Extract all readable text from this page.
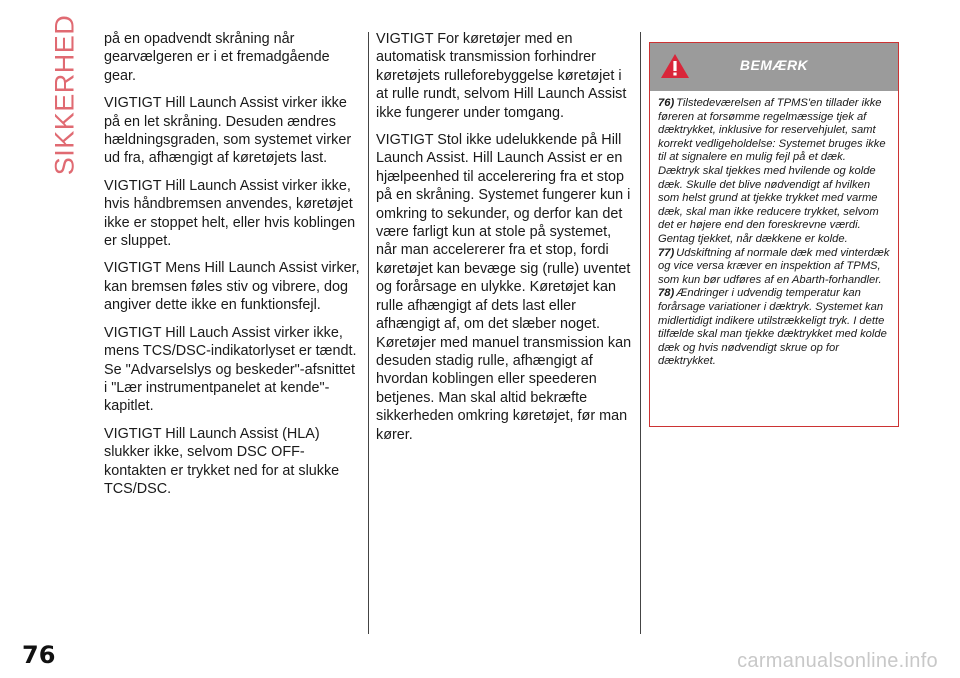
SIKKERHED på en opadvendt skråning når gearvælgeren er i et fremadgående gear.

VIGTIGT Hill Launch Assist virker ikke på en let skråning. Desuden ændres hældningsgraden, som systemet virker ud fra, afhængigt af køretøjets last.

VIGTIGT Hill Launch Assist virker ikke, hvis håndbremsen anvendes, køretøjet ikke er stoppet helt, eller hvis koblingen er sluppet.

VIGTIGT Mens Hill Launch Assist virker, kan bremsen føles stiv og vibrere, dog angiver dette ikke en funktionsfejl.

VIGTIGT Hill Lauch Assist virker ikke, mens TCS/DSC-indikatorlyset er tændt. Se "Advarselslys og beskeder"-afsnittet i "Lær instrumentpanelet at kende"-kapitlet.

VIGTIGT Hill Launch Assist (HLA) slukker ikke, selvom DSC OFF-kontakten er trykket ned for at slukke TCS/DSC.

VIGTIGT For køretøjer med en automatisk transmission forhindrer køretøjets rulleforebyggelse køretøjet i at rulle rundt, selvom Hill Launch Assist ikke fungerer under tomgang.

VIGTIGT Stol ikke udelukkende på Hill Launch Assist. Hill Launch Assist er en hjælpeenhed til accelerering fra et stop på en skråning. Systemet fungerer kun i omkring to sekunder, og derfor kan det være farligt kun at stole på systemet, når man accelererer fra et stop, fordi køretøjet kan bevæge sig (rulle) uventet og forårsage en ulykke. Køretøjet kan rulle afhængigt af dets last eller afhængigt af, om det slæber noget. Køretøjer med manuel transmission kan desuden stadig rulle, afhængigt af hvordan koblingen eller speederen betjenes. Man skal altid bekræfte sikkerheden omkring køretøjet, før man kører.

BEMÆRK
76) Tilstedeværelsen af TPMS'en tillader ikke føreren at forsømme regelmæssige tjek af dæktrykket, inklusive for reservehjulet, samt korrekt vedligeholdelse: Systemet bruges ikke til at signalere en mulig fejl på et dæk. Dæktryk skal tjekkes med hvilende og kolde dæk. Skulle det blive nødvendigt af hvilken som helst grund at tjekke trykket med varme dæk, skal man ikke reducere trykket, selvom det er højere end den foreskrevne værdi. Gentag tjekket, når dækkene er kolde.
77) Udskiftning af normale dæk med vinterdæk og vice versa kræver en inspektion af TPMS, som kun bør udføres af en Abarth-forhandler.
78) Ændringer i udvendig temperatur kan forårsage variationer i dæktryk. Systemet kan midlertidigt indikere utilstrækkeligt tryk. I dette tilfælde skal man tjekke dæktrykket med kolde dæk og hvis nødvendigt skrue op for dæktrykket.
76	carmanualsonline.info
